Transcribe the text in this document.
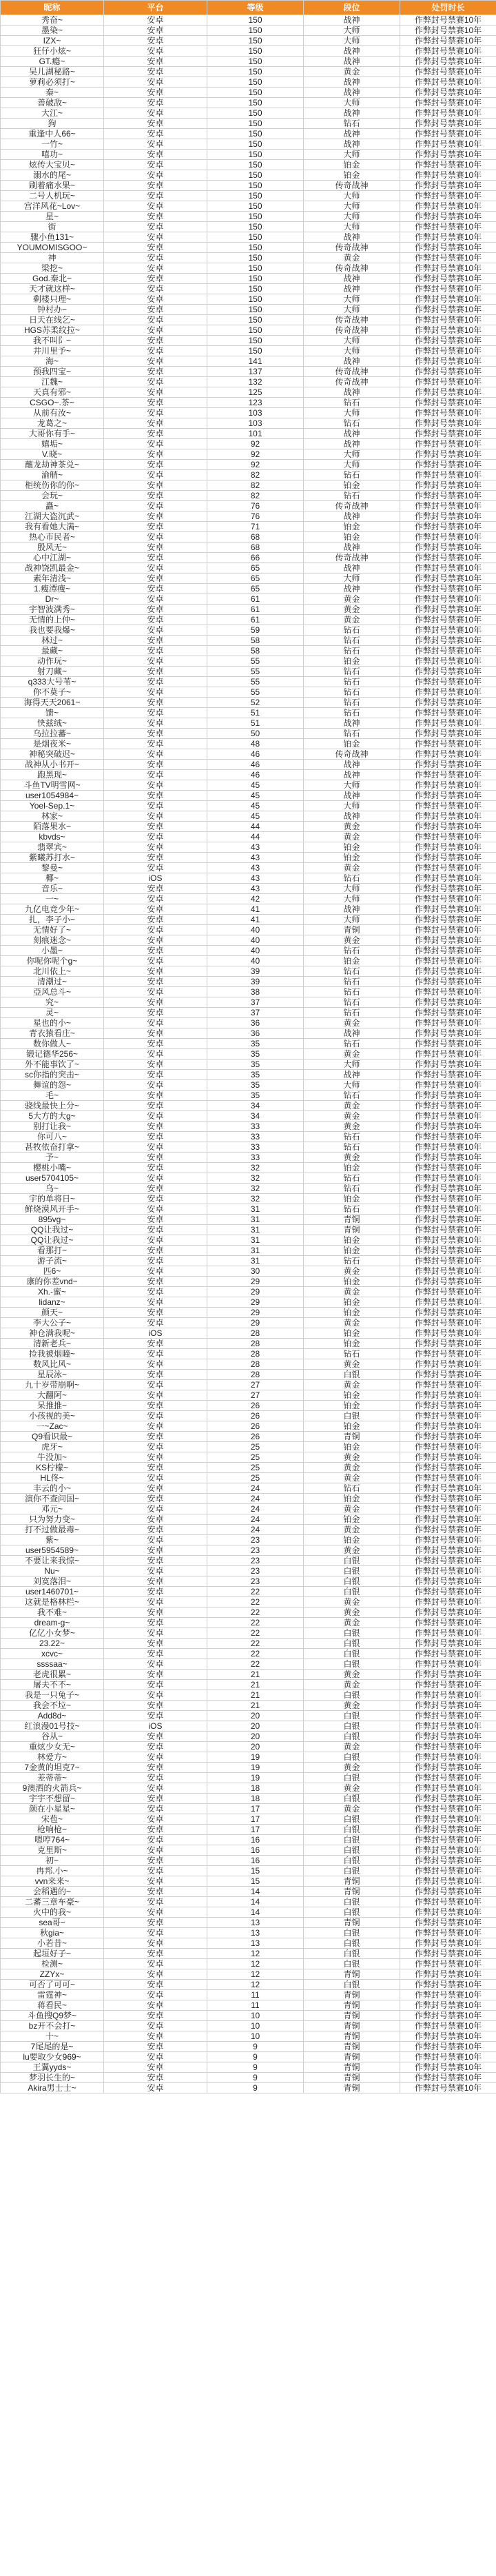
昵称	平台	等级	段位	处罚时长
秀奋~	安卓	150	战神	作弊封号禁赛10年
墨染~	安卓	150	大师	作弊封号禁赛10年
IZX~	安卓	150	大师	作弊封号禁赛10年
狂仔小炫~	安卓	150	战神	作弊封号禁赛10年
GT.瘾~	安卓	150	战神	作弊封号禁赛10年
吴儿湖秘路~	安卓	150	黄金	作弊封号禁赛10年
萝莉必须打~	安卓	150	战神	作弊封号禁赛10年
秦~	安卓	150	战神	作弊封号禁赛10年
善破敌~	安卓	150	大师	作弊封号禁赛10年
大江~	安卓	150	战神	作弊封号禁赛10年
狗	安卓	150	钻石	作弊封号禁赛10年
重逢中人66~	安卓	150	战神	作弊封号禁赛10年
一竹~	安卓	150	战神	作弊封号禁赛10年
嘻功~	安卓	150	大师	作弊封号禁赛10年
炫传大宝贝~	安卓	150	铂金	作弊封号禁赛10年
溺水的尾~	安卓	150	铂金	作弊封号禁赛10年
刷着痛水果~	安卓	150	传奇战神	作弊封号禁赛10年
二号人机玩~	安卓	150	大师	作弊封号禁赛10年
宫洋风花~Lov~	安卓	150	大师	作弊封号禁赛10年
星~	安卓	150	大师	作弊封号禁赛10年
街	安卓	150	大师	作弊封号禁赛10年
骤小鱼131~	安卓	150	战神	作弊封号禁赛10年
YOUMOMISGOO~	安卓	150	传奇战神	作弊封号禁赛10年
神	安卓	150	黄金	作弊封号禁赛10年
梁挖~	安卓	150	传奇战神	作弊封号禁赛10年
God.秦北~	安卓	150	战神	作弊封号禁赛10年
天才就这样~	安卓	150	战神	作弊封号禁赛10年
剩楼只理~	安卓	150	大师	作弊封号禁赛10年
钟村办~	安卓	150	大师	作弊封号禁赛10年
日天在线乞~	安卓	150	传奇战神	作弊封号禁赛10年
HGS苏柔纹拉~	安卓	150	传奇战神	作弊封号禁赛10年
我不叫阝~	安卓	150	大师	作弊封号禁赛10年
井川里予~	安卓	150	大师	作弊封号禁赛10年
海~	安卓	141	战神	作弊封号禁赛10年
预我四宝~	安卓	137	传奇战神	作弊封号禁赛10年
江魏~	安卓	132	传奇战神	作弊封号禁赛10年
天真有邪~	安卓	125	战神	作弊封号禁赛10年
CSGO~.茶~	安卓	123	钻石	作弊封号禁赛10年
从前有汝~	安卓	103	大师	作弊封号禁赛10年
龙葛之~	安卓	103	钻石	作弊封号禁赛10年
大哥你有手~	安卓	101	战神	作弊封号禁赛10年
嬉垢~	安卓	92	战神	作弊封号禁赛10年
V.晓~	安卓	92	大师	作弊封号禁赛10年
蘸龙劫神茶兑~	安卓	92	大师	作弊封号禁赛10年
渝艄~	安卓	82	钻石	作弊封号禁赛10年
柜统伤你的你~	安卓	82	铂金	作弊封号禁赛10年
会玩~	安卓	82	钻石	作弊封号禁赛10年
矗~	安卓	76	传奇战神	作弊封号禁赛10年
江湖大盗沉武~	安卓	76	战神	作弊封号禁赛10年
我有看她大满~	安卓	71	铂金	作弊封号禁赛10年
热心市民者~	安卓	68	铂金	作弊封号禁赛10年
殷风无~	安卓	68	战神	作弊封号禁赛10年
心中江湖~	安卓	66	传奇战神	作弊封号禁赛10年
战神饶凯最金~	安卓	65	战神	作弊封号禁赛10年
素年清浅~	安卓	65	大师	作弊封号禁赛10年
1.瘦潭瘦~	安卓	65	战神	作弊封号禁赛10年
Dr~	安卓	61	黄金	作弊封号禁赛10年
宇智波满秀~	安卓	61	黄金	作弊封号禁赛10年
无情的上仲~	安卓	61	黄金	作弊封号禁赛10年
我也要我爆~	安卓	59	钻石	作弊封号禁赛10年
林过~	安卓	58	钻石	作弊封号禁赛10年
最藏~	安卓	58	钻石	作弊封号禁赛10年
动作玩~	安卓	55	铂金	作弊封号禁赛10年
射刀藏~	安卓	55	钻石	作弊封号禁赛10年
q333大号苇~	安卓	55	钻石	作弊封号禁赛10年
你不莫子~	安卓	55	钻石	作弊封号禁赛10年
海得天天2061~	安卓	52	钻石	作弊封号禁赛10年
馈~	安卓	51	钻石	作弊封号禁赛10年
快兹绒~	安卓	51	战神	作弊封号禁赛10年
乌拉拉蕃~	安卓	50	钻石	作弊封号禁赛10年
是烟夜米~	安卓	48	铂金	作弊封号禁赛10年
神秘突破迟~	安卓	46	传奇战神	作弊封号禁赛10年
战神从小书开~	安卓	46	战神	作弊封号禁赛10年
跑黑现~	安卓	46	战神	作弊封号禁赛10年
斗鱼TV明雪网~	安卓	45	大师	作弊封号禁赛10年
user1054984~	安卓	45	战神	作弊封号禁赛10年
Yoel-Sep.1~	安卓	45	大师	作弊封号禁赛10年
林家~	安卓	45	战神	作弊封号禁赛10年
陌落果水~	安卓	44	黄金	作弊封号禁赛10年
kbvds~	安卓	44	黄金	作弊封号禁赛10年
翡翠宾~	安卓	43	铂金	作弊封号禁赛10年
紫曦苏打水~	安卓	43	铂金	作弊封号禁赛10年
黎曼~	安卓	43	黄金	作弊封号禁赛10年
椰~	iOS	43	钻石	作弊封号禁赛10年
音乐~	安卓	43	大师	作弊封号禁赛10年
一~	安卓	42	大师	作弊封号禁赛10年
九亿电竞少年~	安卓	41	战神	作弊封号禁赛10年
扎，李子小~	安卓	41	大师	作弊封号禁赛10年
无情好了~	安卓	40	青铜	作弊封号禁赛10年
刻痕迷念~	安卓	40	黄金	作弊封号禁赛10年
小墨~	安卓	40	钻石	作弊封号禁赛10年
你呢你呢个g~	安卓	40	铂金	作弊封号禁赛10年
北川依上~	安卓	39	钻石	作弊封号禁赛10年
清潮过~	安卓	39	钻石	作弊封号禁赛10年
亞风总斗~	安卓	38	钻石	作弊封号禁赛10年
究~	安卓	37	钻石	作弊封号禁赛10年
灵~	安卓	37	钻石	作弊封号禁赛10年
星也的小~	安卓	36	黄金	作弊封号禁赛10年
青衣猿看庄~	安卓	36	战神	作弊封号禁赛10年
数你做人~	安卓	35	钻石	作弊封号禁赛10年
锻记德华256~	安卓	35	黄金	作弊封号禁赛10年
外不能事饮了~	安卓	35	大师	作弊封号禁赛10年
sc你指的突击~	安卓	35	战神	作弊封号禁赛10年
舞谊的怨~	安卓	35	大师	作弊封号禁赛10年
毛~	安卓	35	钻石	作弊封号禁赛10年
骁线最快上分~	安卓	34	黄金	作弊封号禁赛10年
5大方的大g~	安卓	34	黄金	作弊封号禁赛10年
别打让我~	安卓	33	黄金	作弊封号禁赛10年
你可八~	安卓	33	钻石	作弊封号禁赛10年
甚牧依奋打拿~	安卓	33	钻石	作弊封号禁赛10年
予~	安卓	33	黄金	作弊封号禁赛10年
樱桃小嘴~	安卓	32	铂金	作弊封号禁赛10年
user5704105~	安卓	32	钻石	作弊封号禁赛10年
乌~	安卓	32	钻石	作弊封号禁赛10年
宇的单将日~	安卓	32	铂金	作弊封号禁赛10年
鲜烧漠风开手~	安卓	31	钻石	作弊封号禁赛10年
895vg~	安卓	31	青铜	作弊封号禁赛10年
QQ让我过~	安卓	31	青铜	作弊封号禁赛10年
QQ让我过~	安卓	31	铂金	作弊封号禁赛10年
看那打~	安卓	31	铂金	作弊封号禁赛10年
游子流~	安卓	31	钻石	作弊封号禁赛10年
匹6~	安卓	30	黄金	作弊封号禁赛10年
康的你差vnd~	安卓	29	铂金	作弊封号禁赛10年
Xh.-蜜~	安卓	29	黄金	作弊封号禁赛10年
lidanz~	安卓	29	铂金	作弊封号禁赛10年
颜天~	安卓	29	铂金	作弊封号禁赛10年
李大公子~	安卓	29	黄金	作弊封号禁赛10年
神仓满我呢~	iOS	28	铂金	作弊封号禁赛10年
清新老兵~	安卓	28	铂金	作弊封号禁赛10年
捡我被烟瞳~	安卓	28	钻石	作弊封号禁赛10年
数风比风~	安卓	28	黄金	作弊封号禁赛10年
星辰泳~	安卓	28	白银	作弊封号禁赛10年
九十岁带崩啊~	安卓	27	黄金	作弊封号禁赛10年
大翻阿~	安卓	27	铂金	作弊封号禁赛10年
呆推推~	安卓	26	铂金	作弊封号禁赛10年
小孩视的美~	安卓	26	白银	作弊封号禁赛10年
一~Zac~	安卓	26	铂金	作弊封号禁赛10年
Q9看识最~	安卓	26	青铜	作弊封号禁赛10年
虎牙~	安卓	25	铂金	作弊封号禁赛10年
牛没加~	安卓	25	黄金	作弊封号禁赛10年
KS柠檬~	安卓	25	黄金	作弊封号禁赛10年
HL佟~	安卓	25	黄金	作弊封号禁赛10年
丰云的小~	安卓	24	钻石	作弊封号禁赛10年
演你不查问国~	安卓	24	铂金	作弊封号禁赛10年
邓元~	安卓	24	黄金	作弊封号禁赛10年
只为努力变~	安卓	24	铂金	作弊封号禁赛10年
打不过做最毒~	安卓	24	黄金	作弊封号禁赛10年
紫~	安卓	23	铂金	作弊封号禁赛10年
user5954589~	安卓	23	黄金	作弊封号禁赛10年
不要让来我惊~	安卓	23	白银	作弊封号禁赛10年
Nu~	安卓	23	白银	作弊封号禁赛10年
刘寞落泪~	安卓	23	白银	作弊封号禁赛10年
user1460701~	安卓	22	白银	作弊封号禁赛10年
这就是格林栏~	安卓	22	黄金	作弊封号禁赛10年
我不难~	安卓	22	黄金	作弊封号禁赛10年
dream-g~	安卓	22	黄金	作弊封号禁赛10年
亿亿小女梦~	安卓	22	白银	作弊封号禁赛10年
23.22~	安卓	22	白银	作弊封号禁赛10年
xcvc~	安卓	22	白银	作弊封号禁赛10年
ssssaa~	安卓	22	白银	作弊封号禁赛10年
老虎很累~	安卓	21	黄金	作弊封号禁赛10年
屠夫不不~	安卓	21	黄金	作弊封号禁赛10年
我是一只兔子~	安卓	21	白银	作弊封号禁赛10年
我会不垃~	安卓	21	黄金	作弊封号禁赛10年
Add8d~	安卓	20	白银	作弊封号禁赛10年
红浪漫01号技~	iOS	20	白银	作弊封号禁赛10年
谷从~	安卓	20	白银	作弊封号禁赛10年
重炫少女无~	安卓	20	黄金	作弊封号禁赛10年
林爱方~	安卓	19	白银	作弊封号禁赛10年
7金黄的坦克7~	安卓	19	黄金	作弊封号禁赛10年
差蒂蒂~	安卓	19	白银	作弊封号禁赛10年
9澳洒的火箭兵~	安卓	18	黄金	作弊封号禁赛10年
宇宇不想留~	安卓	18	白银	作弊封号禁赛10年
颜在小星星~	安卓	17	黄金	作弊封号禁赛10年
宋苞~	安卓	17	白银	作弊封号禁赛10年
枪响枪~	安卓	17	白银	作弊封号禁赛10年
嗯哼764~	安卓	16	白银	作弊封号禁赛10年
克里斯~	安卓	16	白银	作弊封号禁赛10年
初~	安卓	16	白银	作弊封号禁赛10年
冉邦.小~	安卓	15	白银	作弊封号禁赛10年
vvn来来~	安卓	15	青铜	作弊封号禁赛10年
会稻遇的~	安卓	14	青铜	作弊封号禁赛10年
二蕃三章车豪~	安卓	14	白银	作弊封号禁赛10年
火中的我~	安卓	14	白银	作弊封号禁赛10年
sea哥~	安卓	13	青铜	作弊封号禁赛10年
秋gia~	安卓	13	白银	作弊封号禁赛10年
小若昔~	安卓	13	白银	作弊封号禁赛10年
起垣好子~	安卓	12	白银	作弊封号禁赛10年
检测~	安卓	12	白银	作弊封号禁赛10年
ZZYx~	安卓	12	青铜	作弊封号禁赛10年
可否了可可~	安卓	12	白银	作弊封号禁赛10年
雷霆神~	安卓	11	青铜	作弊封号禁赛10年
蒋看民~	安卓	11	青铜	作弊封号禁赛10年
斗鱼搜Q9梦~	安卓	10	青铜	作弊封号禁赛10年
bz开不会打~	安卓	10	青铜	作弊封号禁赛10年
十~	安卓	10	青铜	作弊封号禁赛10年
7尾尾的是~	安卓	9	青铜	作弊封号禁赛10年
lu要取少女969~	安卓	9	青铜	作弊封号禁赛10年
王翼yyds~	安卓	9	青铜	作弊封号禁赛10年
梦羽长生的~	安卓	9	青铜	作弊封号禁赛10年
Akira男士士~	安卓	9	青铜	作弊封号禁赛10年
